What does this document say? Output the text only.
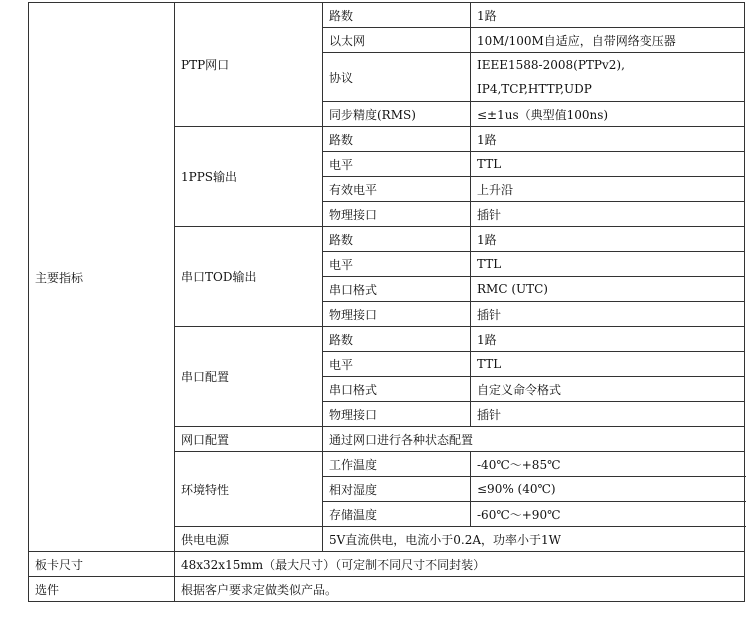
主要指标	PTP网口	路数	1路
		以太网	10M/100M自适应，自带网络变压器
		协议	IEEE1588-2008(PTPv2),
IP4,TCP,HTTP,UDP

		同步精度(RMS)	≤±1us（典型值100ns)
	1PPS输出	路数	1路
		电平	TTL
		有效电平	上升沿
		物理接口	插针
	串口TOD输出	路数	1路
		电平	TTL
		串口格式	RMC (UTC)
		物理接口	插针
	串口配置	路数	1路
		电平	TTL
		串口格式	自定义命令格式
		物理接口	插针
	网口配置	通过网口进行各种状态配置	
	环境特性	工作温度	-40℃～+85℃
		相对湿度	≤90% (40℃)
		存储温度	-60℃～+90℃
	供电电源	5V直流供电，电流小于0.2A，功率小于1W	
板卡尺寸	48x32x15mm（最大尺寸）（可定制不同尺寸不同封装）		
选件	根据客户要求定做类似产品。		
